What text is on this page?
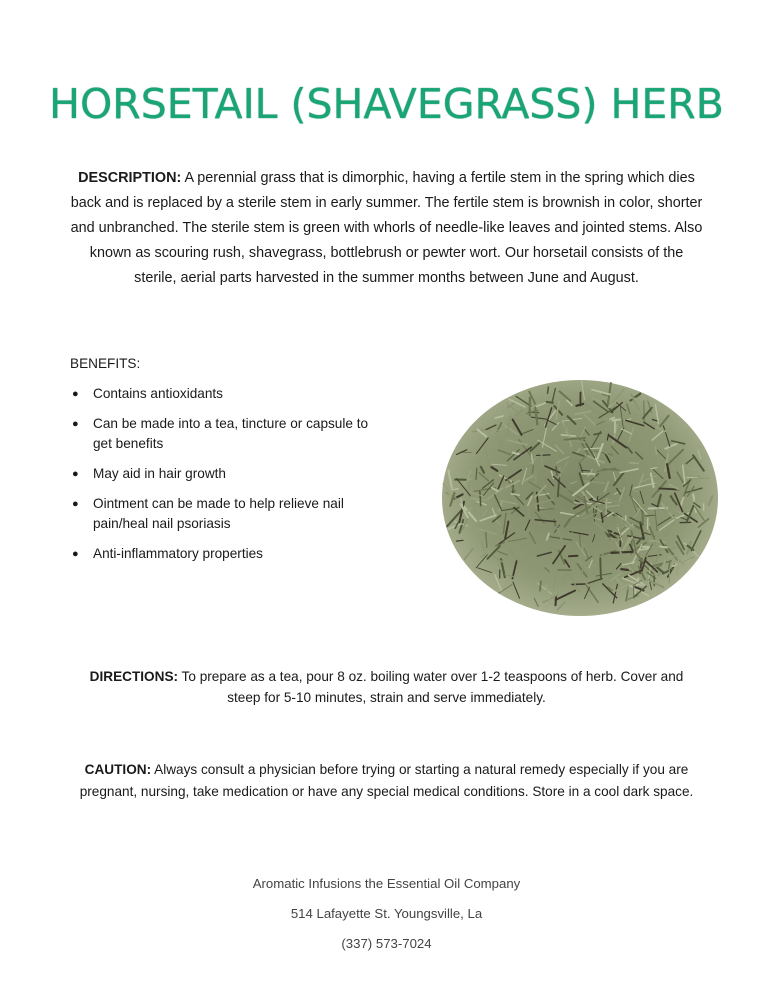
HORSETAIL (SHAVEGRASS) HERB

DESCRIPTION: A perennial grass that is dimorphic, having a fertile stem in the spring which dies back and is replaced by a sterile stem in early summer. The fertile stem is brownish in color, shorter and unbranched. The sterile stem is green with whorls of needle-like leaves and jointed stems. Also known as scouring rush, shavegrass, bottlebrush or pewter wort. Our horsetail consists of the sterile, aerial parts harvested in the summer months between June and August.

BENEFITS:

● Contains antioxidants
● Can be made into a tea, tincture or capsule to get benefits
● May aid in hair growth
● Ointment can be made to help relieve nail pain/heal nail psoriasis
● Anti-inflammatory properties

DIRECTIONS: To prepare as a tea, pour 8 oz. boiling water over 1-2 teaspoons of herb. Cover and steep for 5-10 minutes, strain and serve immediately.

CAUTION: Always consult a physician before trying or starting a natural remedy especially if you are pregnant, nursing, take medication or have any special medical conditions. Store in a cool dark space.

Aromatic Infusions the Essential Oil Company
514 Lafayette St. Youngsville, La
(337) 573-7024
